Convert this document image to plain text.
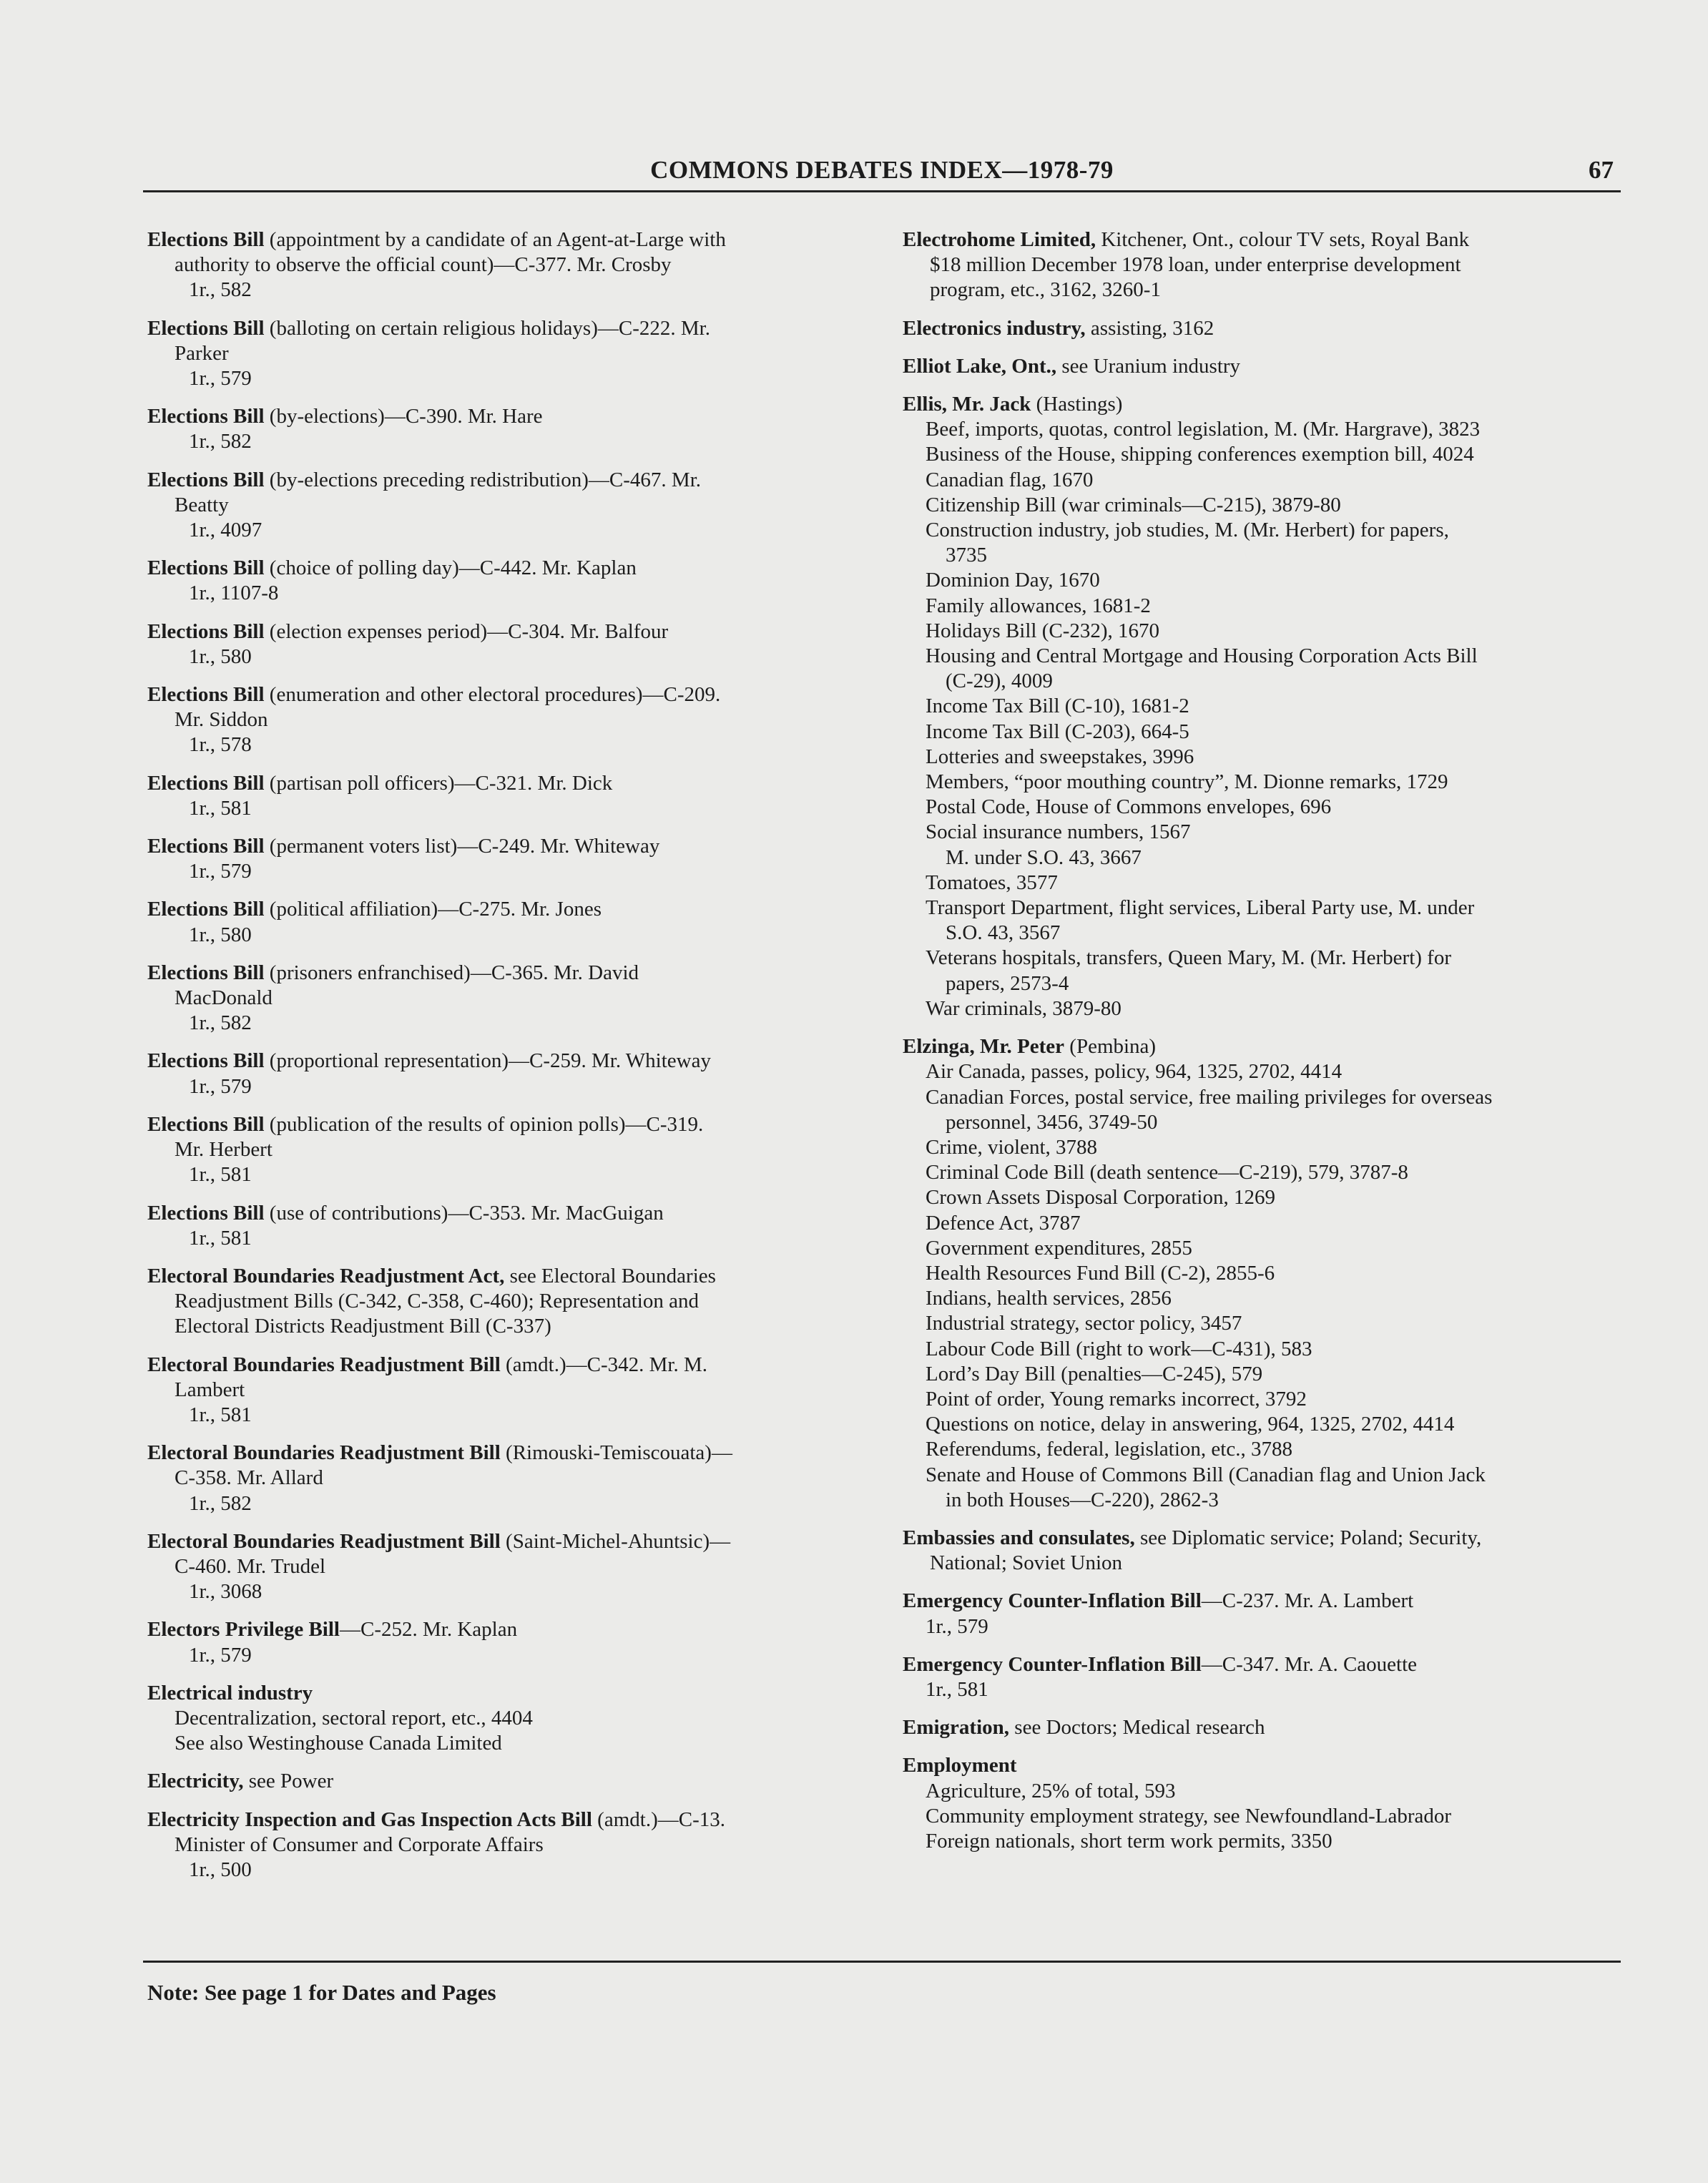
COMMONS DEBATES INDEX—1978-79	67
Elections Bill (appointment by a candidate of an Agent-at-Large with
authority to observe the official count)—C-377. Mr. Crosby
1r., 582
Elections Bill (balloting on certain religious holidays)—C-222. Mr.
Parker
1r., 579
Elections Bill (by-elections)—C-390. Mr. Hare
1r., 582
Elections Bill (by-elections preceding redistribution)—C-467. Mr.
Beatty
1r., 4097
Elections Bill (choice of polling day)—C-442. Mr. Kaplan
1r., 1107-8
Elections Bill (election expenses period)—C-304. Mr. Balfour
1r., 580
Elections Bill (enumeration and other electoral procedures)—C-209.
Mr. Siddon
1r., 578
Elections Bill (partisan poll officers)—C-321. Mr. Dick
1r., 581
Elections Bill (permanent voters list)—C-249. Mr. Whiteway
1r., 579
Elections Bill (political affiliation)—C-275. Mr. Jones
1r., 580
Elections Bill (prisoners enfranchised)—C-365. Mr. David
MacDonald
1r., 582
Elections Bill (proportional representation)—C-259. Mr. Whiteway
1r., 579
Elections Bill (publication of the results of opinion polls)—C-319.
Mr. Herbert
1r., 581
Elections Bill (use of contributions)—C-353. Mr. MacGuigan
1r., 581
Electoral Boundaries Readjustment Act, see Electoral Boundaries
Readjustment Bills (C-342, C-358, C-460); Representation and
Electoral Districts Readjustment Bill (C-337)
Electoral Boundaries Readjustment Bill (amdt.)—C-342. Mr. M.
Lambert
1r., 581
Electoral Boundaries Readjustment Bill (Rimouski-Temiscouata)—
C-358. Mr. Allard
1r., 582
Electoral Boundaries Readjustment Bill (Saint-Michel-Ahuntsic)—
C-460. Mr. Trudel
1r., 3068
Electors Privilege Bill—C-252. Mr. Kaplan
1r., 579
Electrical industry
Decentralization, sectoral report, etc., 4404
See also Westinghouse Canada Limited
Electricity, see Power
Electricity Inspection and Gas Inspection Acts Bill (amdt.)—C-13.
Minister of Consumer and Corporate Affairs
1r., 500
Electrohome Limited, Kitchener, Ont., colour TV sets, Royal Bank
$18 million December 1978 loan, under enterprise development
program, etc., 3162, 3260-1
Electronics industry, assisting, 3162
Elliot Lake, Ont., see Uranium industry
Ellis, Mr. Jack (Hastings)
Beef, imports, quotas, control legislation, M. (Mr. Hargrave), 3823
Business of the House, shipping conferences exemption bill, 4024
Canadian flag, 1670
Citizenship Bill (war criminals—C-215), 3879-80
Construction industry, job studies, M. (Mr. Herbert) for papers,
3735
Dominion Day, 1670
Family allowances, 1681-2
Holidays Bill (C-232), 1670
Housing and Central Mortgage and Housing Corporation Acts Bill
(C-29), 4009
Income Tax Bill (C-10), 1681-2
Income Tax Bill (C-203), 664-5
Lotteries and sweepstakes, 3996
Members, “poor mouthing country”, M. Dionne remarks, 1729
Postal Code, House of Commons envelopes, 696
Social insurance numbers, 1567
M. under S.O. 43, 3667
Tomatoes, 3577
Transport Department, flight services, Liberal Party use, M. under
S.O. 43, 3567
Veterans hospitals, transfers, Queen Mary, M. (Mr. Herbert) for
papers, 2573-4
War criminals, 3879-80
Elzinga, Mr. Peter (Pembina)
Air Canada, passes, policy, 964, 1325, 2702, 4414
Canadian Forces, postal service, free mailing privileges for overseas
personnel, 3456, 3749-50
Crime, violent, 3788
Criminal Code Bill (death sentence—C-219), 579, 3787-8
Crown Assets Disposal Corporation, 1269
Defence Act, 3787
Government expenditures, 2855
Health Resources Fund Bill (C-2), 2855-6
Indians, health services, 2856
Industrial strategy, sector policy, 3457
Labour Code Bill (right to work—C-431), 583
Lord’s Day Bill (penalties—C-245), 579
Point of order, Young remarks incorrect, 3792
Questions on notice, delay in answering, 964, 1325, 2702, 4414
Referendums, federal, legislation, etc., 3788
Senate and House of Commons Bill (Canadian flag and Union Jack
in both Houses—C-220), 2862-3
Embassies and consulates, see Diplomatic service; Poland; Security,
National; Soviet Union
Emergency Counter-Inflation Bill—C-237. Mr. A. Lambert
1r., 579
Emergency Counter-Inflation Bill—C-347. Mr. A. Caouette
1r., 581
Emigration, see Doctors; Medical research
Employment
Agriculture, 25% of total, 593
Community employment strategy, see Newfoundland-Labrador
Foreign nationals, short term work permits, 3350
Note: See page 1 for Dates and Pages
